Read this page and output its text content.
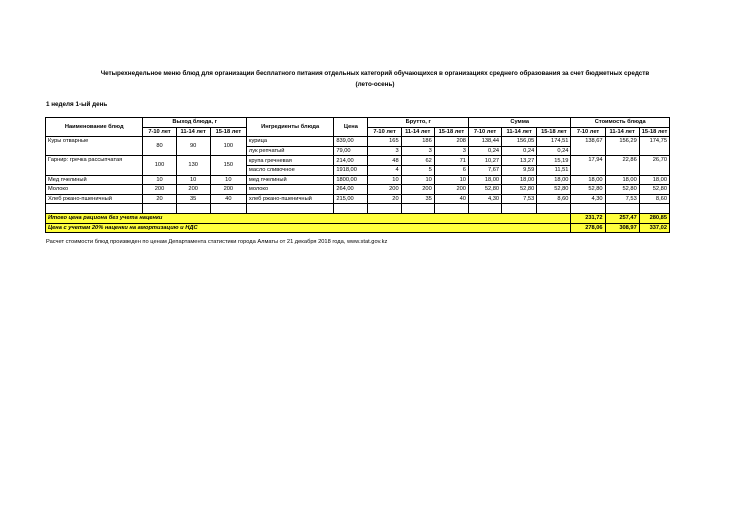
Четырехнедельное меню блюд для организации бесплатного питания отдельных категорий обучающихся в организациях среднего образования за счет бюджетных средств
(лето-осень)
1 неделя 1-ый день
Наименование блюд	Выход блюда, г			Ингредиенты блюда	Цена	Брутто, г			Сумма			Стоимость блюда		
	7-10 лет	11-14 лет	15-18 лет			7-10 лет	11-14 лет	15-18 лет	7-10 лет	11-14 лет	15-18 лет	7-10 лет	11-14 лет	15-18 лет
Куры отварные	80	90	100	курица	839,00	165	186	208	138,44	156,05	174,51	138,67	156,29	174,75
				лук репчатый	79,00	3	3	3	0,24	0,24	0,24			
Гарнир: гречка рассыпчатая	100	130	150	крупа гречневая	214,00	48	62	71	10,27	13,27	15,19	17,94	22,86	26,70
				масло сливочное	1918,00	4	5	6	7,67	9,59	11,51			
Мед пчелиный	10	10	10	мед пчелиный	1800,00	10	10	10	18,00	18,00	18,00	18,00	18,00	18,00
Молоко	200	200	200	молоко	264,00	200	200	200	52,80	52,80	52,80	52,80	52,80	52,80
Хлеб ржано-пшеничный	20	35	40	хлеб ржано-пшеничный	215,00	20	35	40	4,30	7,53	8,60	4,30	7,53	8,60

Итого цена рациона без учета наценки												231,72	257,47	280,85
Цена с учетам 20% наценки на амортизацию и НДС												278,06	308,97	337,02
Расчет стоимости блюд произведен по ценам Департамента статистики города Алматы от 21 декабря 2018 года, www.stat.gov.kz
